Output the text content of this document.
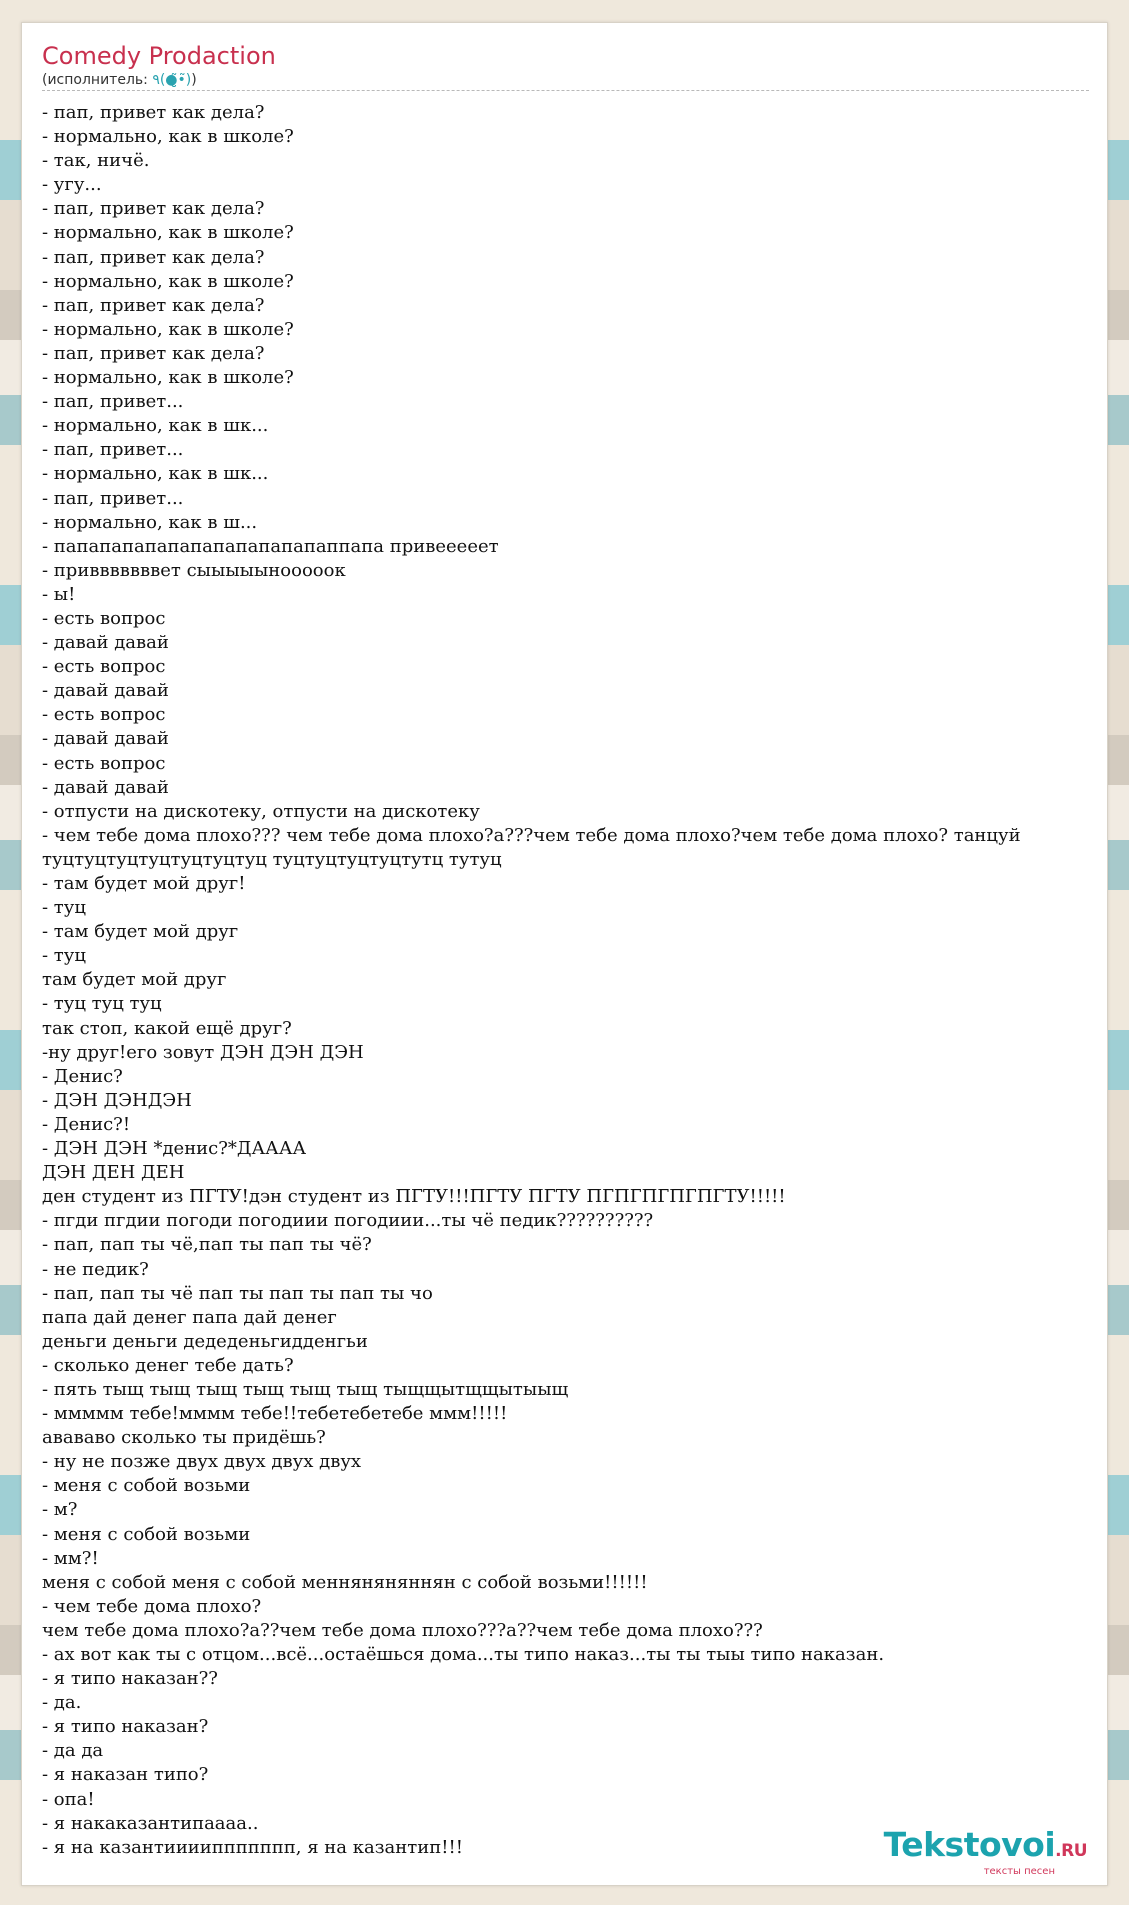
Comedy Prodaction
(исполнитель: ٩(●̮̮̃•̃))
- пап, привет как дела?
- нормально, как в школе?
- так, ничё.
- угу...
- пап, привет как дела?
- нормально, как в школе?
- пап, привет как дела?
- нормально, как в школе?
- пап, привет как дела?
- нормально, как в школе?
- пап, привет как дела?
- нормально, как в школе?
- пап, привет...
- нормально, как в шк...
- пап, привет...
- нормально, как в шк...
- пап, привет...
- нормально, как в ш...
- папапапапапапапапапапапаппапа привеееeет
- привввввввет сыыыыынооооок
- ы!
- есть вопрос
- давай давай
- есть вопрос
- давай давай
- есть вопрос
- давай давай
- есть вопрос
- давай давай
- отпусти на дискотеку, отпусти на дискотеку
- чем тебе дома плохо??? чем тебе дома плохо?а???чем тебе дома плохо?чем тебе дома плохо? танцуй
туцтуцтуцтуцтуцтуцтуц туцтуцтуцтуцтутц тутуц
- там будет мой друг!
- туц
- там будет мой друг
- туц
там будет мой друг
- туц туц туц
так стоп, какой ещё друг?
-ну друг!его зовут ДЭН ДЭН ДЭН
- Денис?
- ДЭН ДЭНДЭН
- Денис?!
- ДЭН ДЭН *денис?*ДАААА
ДЭН ДЕН ДЕН
ден студент из ПГТУ!дэн студент из ПГТУ!!!ПГТУ ПГТУ ПГПГПГПГПГТУ!!!!!
- пгди пгдии погоди погодиии погодиии...ты чё педик??????????
- пап, пап ты чё,пап ты пап ты чё?
- не педик?
- пап, пап ты чё пап ты пап ты пап ты чо
папа дай денег папа дай денег
деньги деньги дедеденьгидденгьи
- сколько денег тебе дать?
- пять тыщ тыщ тыщ тыщ тыщ тыщ тыщщытщщытыыщ
- ммммм тебе!мммм тебе!!тебетебетебе ммм!!!!!
авававо сколько ты придёшь?
- ну не позже двух двух двух двух
- меня с собой возьми
- м?
- меня с собой возьми
- мм?!
меня с собой меня с собой менняняняннян с собой возьми!!!!!!
- чем тебе дома плохо?
чем тебе дома плохо?а??чем тебе дома плохо???а??чем тебе дома плохо???
- ах вот как ты с отцом...всё...остаёшься дома...ты типо наказ...ты ты тыы типо наказан.
- я типо наказан??
- да.
- я типо наказан?
- да да
- я наказан типо?
- опа!
- я накаказантипаааа..
- я на казантииииппппппп, я на казантип!!!	Tekstovoi.RU
тексты песен
